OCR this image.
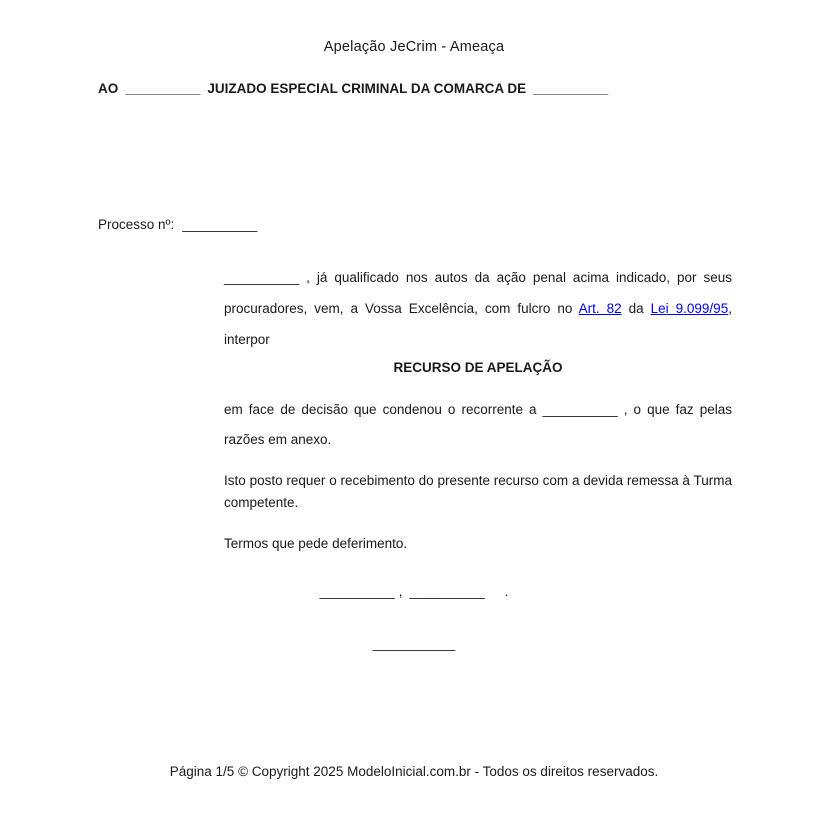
Apelação JeCrim - Ameaça
AO __________ JUIZADO ESPECIAL CRIMINAL DA COMARCA DE __________
Processo nº: __________
__________ , já qualificado nos autos da ação penal acima indicado, por seus procuradores, vem, a Vossa Excelência, com fulcro no Art. 82 da Lei 9.099/95, interpor
RECURSO DE APELAÇÃO
em face de decisão que condenou o recorrente a __________ , o que faz pelas razões em anexo.
Isto posto requer o recebimento do presente recurso com a devida remessa à Turma competente.
Termos que pede deferimento.
__________ , __________ .
___________
Página 1/5 © Copyright 2025 ModeloInicial.com.br - Todos os direitos reservados.
